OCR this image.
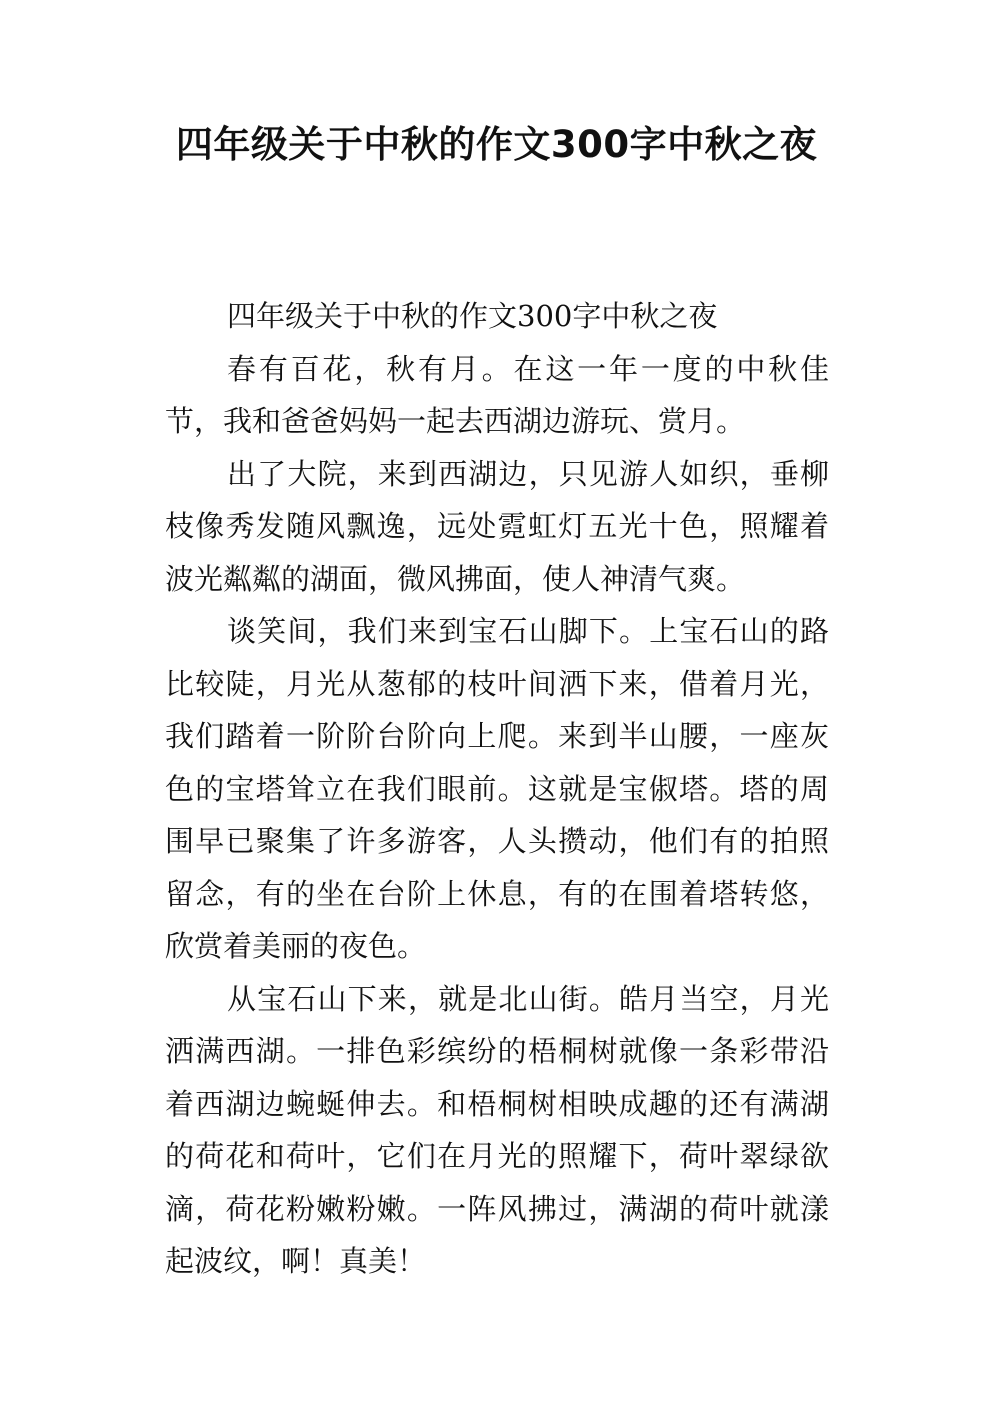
四年级关于中秋的作文300字中秋之夜

四年级关于中秋的作文300字中秋之夜

春有百花，秋有月。在这一年一度的中秋佳节，我和爸爸妈妈一起去西湖边游玩、赏月。

出了大院，来到西湖边，只见游人如织，垂柳枝像秀发随风飘逸，远处霓虹灯五光十色，照耀着波光粼粼的湖面，微风拂面，使人神清气爽。

谈笑间，我们来到宝石山脚下。上宝石山的路比较陡，月光从葱郁的枝叶间洒下来，借着月光，我们踏着一阶阶台阶向上爬。来到半山腰，一座灰色的宝塔耸立在我们眼前。这就是宝俶塔。塔的周围早已聚集了许多游客，人头攒动，他们有的拍照留念，有的坐在台阶上休息，有的在围着塔转悠，欣赏着美丽的夜色。

从宝石山下来，就是北山街。皓月当空，月光洒满西湖。一排色彩缤纷的梧桐树就像一条彩带沿着西湖边蜿蜒伸去。和梧桐树相映成趣的还有满湖的荷花和荷叶，它们在月光的照耀下，荷叶翠绿欲滴，荷花粉嫩粉嫩。一阵风拂过，满湖的荷叶就漾起波纹，啊！真美！
